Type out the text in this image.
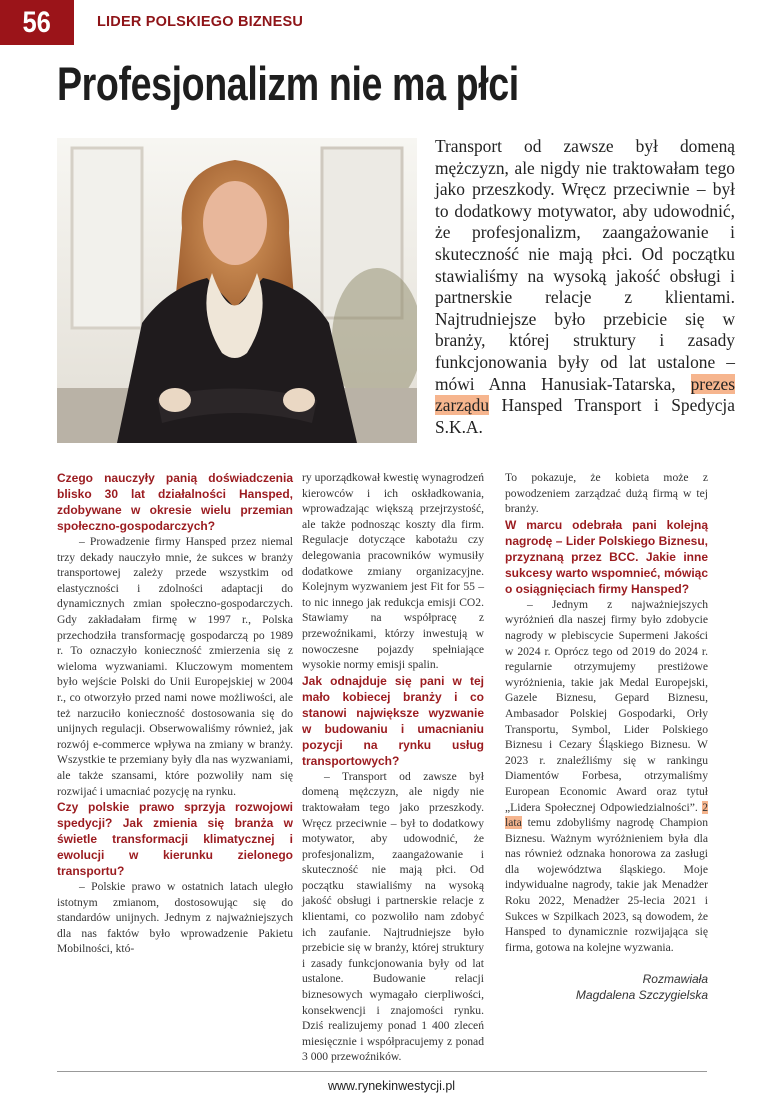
56	LIDER POLSKIEGO BIZNESU
Profesjonalizm nie ma płci
Transport od zawsze był domeną mężczyzn, ale nigdy nie traktowałam tego jako przeszkody. Wręcz przeciwnie – był to dodatkowy motywator, aby udowodnić, że profesjonalizm, zaangażowanie i skuteczność nie mają płci. Od początku stawialiśmy na wysoką jakość obsługi i partnerskie relacje z klientami. Najtrudniejsze było przebicie się w branży, której struktury i zasady funkcjonowania były od lat ustalone – mówi Anna Hanusiak-Tatarska, prezes zarządu Hansped Transport i Spedycja S.K.A.

Czego nauczyły panią doświadczenia blisko 30 lat działalności Hansped, zdobywane w okresie wielu przemian społeczno-gospodarczych?

– Prowadzenie firmy Hansped przez niemal trzy dekady nauczyło mnie, że sukces w branży transportowej zależy przede wszystkim od elastyczności i zdolności adaptacji do dynamicznych zmian społeczno-gospodarczych. Gdy zakładałam firmę w 1997 r., Polska przechodziła transformację gospodarczą po 1989 r. To oznaczyło konieczność zmierzenia się z wieloma wyzwaniami. Kluczowym momentem było wejście Polski do Unii Europejskiej w 2004 r., co otworzyło przed nami nowe możliwości, ale też narzuciło konieczność dostosowania się do unijnych regulacji. Obserwowaliśmy również, jak rozwój e-commerce wpływa na zmiany w branży. Wszystkie te przemiany były dla nas wyzwaniami, ale także szansami, które pozwoliły nam się rozwijać i umacniać pozycję na rynku.

Czy polskie prawo sprzyja rozwojowi spedycji? Jak zmienia się branża w świetle transformacji klimatycznej i ewolucji w kierunku zielonego transportu?

– Polskie prawo w ostatnich latach uległo istotnym zmianom, dostosowując się do standardów unijnych. Jednym z najważniejszych dla nas faktów było wprowadzenie Pakietu Mobilności, któ-

ry uporządkował kwestię wynagrodzeń kierowców i ich oskładkowania, wprowadzając większą przejrzystość, ale także podnosząc koszty dla firm. Regulacje dotyczące kabotażu czy delegowania pracowników wymusiły dodatkowe zmiany organizacyjne. Kolejnym wyzwaniem jest Fit for 55 – to nic innego jak redukcja emisji CO2. Stawiamy na współpracę z przewoźnikami, którzy inwestują w nowoczesne pojazdy spełniające wysokie normy emisji spalin.

Jak odnajduje się pani w tej mało kobiecej branży i co stanowi największe wyzwanie w budowaniu i umacnianiu pozycji na rynku usług transportowych?

– Transport od zawsze był domeną mężczyzn, ale nigdy nie traktowałam tego jako przeszkody. Wręcz przeciwnie – był to dodatkowy motywator, aby udowodnić, że profesjonalizm, zaangażowanie i skuteczność nie mają płci. Od początku stawialiśmy na wysoką jakość obsługi i partnerskie relacje z klientami, co pozwoliło nam zdobyć ich zaufanie. Najtrudniejsze było przebicie się w branży, której struktury i zasady funkcjonowania były od lat ustalone. Budowanie relacji biznesowych wymagało cierpliwości, konsekwencji i znajomości rynku. Dziś realizujemy ponad 1 400 zleceń miesięcznie i współpracujemy z ponad 3 000 przewoźników.

To pokazuje, że kobieta może z powodzeniem zarządzać dużą firmą w tej branży.

W marcu odebrała pani kolejną nagrodę – Lider Polskiego Biznesu, przyznaną przez BCC. Jakie inne sukcesy warto wspomnieć, mówiąc o osiągnięciach firmy Hansped?

– Jednym z najważniejszych wyróżnień dla naszej firmy było zdobycie nagrody w plebiscycie Supermeni Jakości w 2024 r. Oprócz tego od 2019 do 2024 r. regularnie otrzymujemy prestiżowe wyróżnienia, takie jak Medal Europejski, Gazele Biznesu, Gepard Biznesu, Ambasador Polskiej Gospodarki, Orły Transportu, Symbol, Lider Polskiego Biznesu i Cezary Śląskiego Biznesu. W 2023 r. znaleźliśmy się w rankingu Diamentów Forbesa, otrzymaliśmy European Economic Award oraz tytuł „Lidera Społecznej Odpowiedzialności”. 2 lata temu zdobyliśmy nagrodę Champion Biznesu. Ważnym wyróżnieniem była dla nas również odznaka honorowa za zasługi dla województwa śląskiego. Moje indywidualne nagrody, takie jak Menadżer Roku 2022, Menadżer 25-lecia 2021 i Sukces w Szpilkach 2023, są dowodem, że Hansped to dynamicznie rozwijająca się firma, gotowa na kolejne wyzwania.

Rozmawiała
Magdalena Szczygielska

www.rynekinwestycji.pl
